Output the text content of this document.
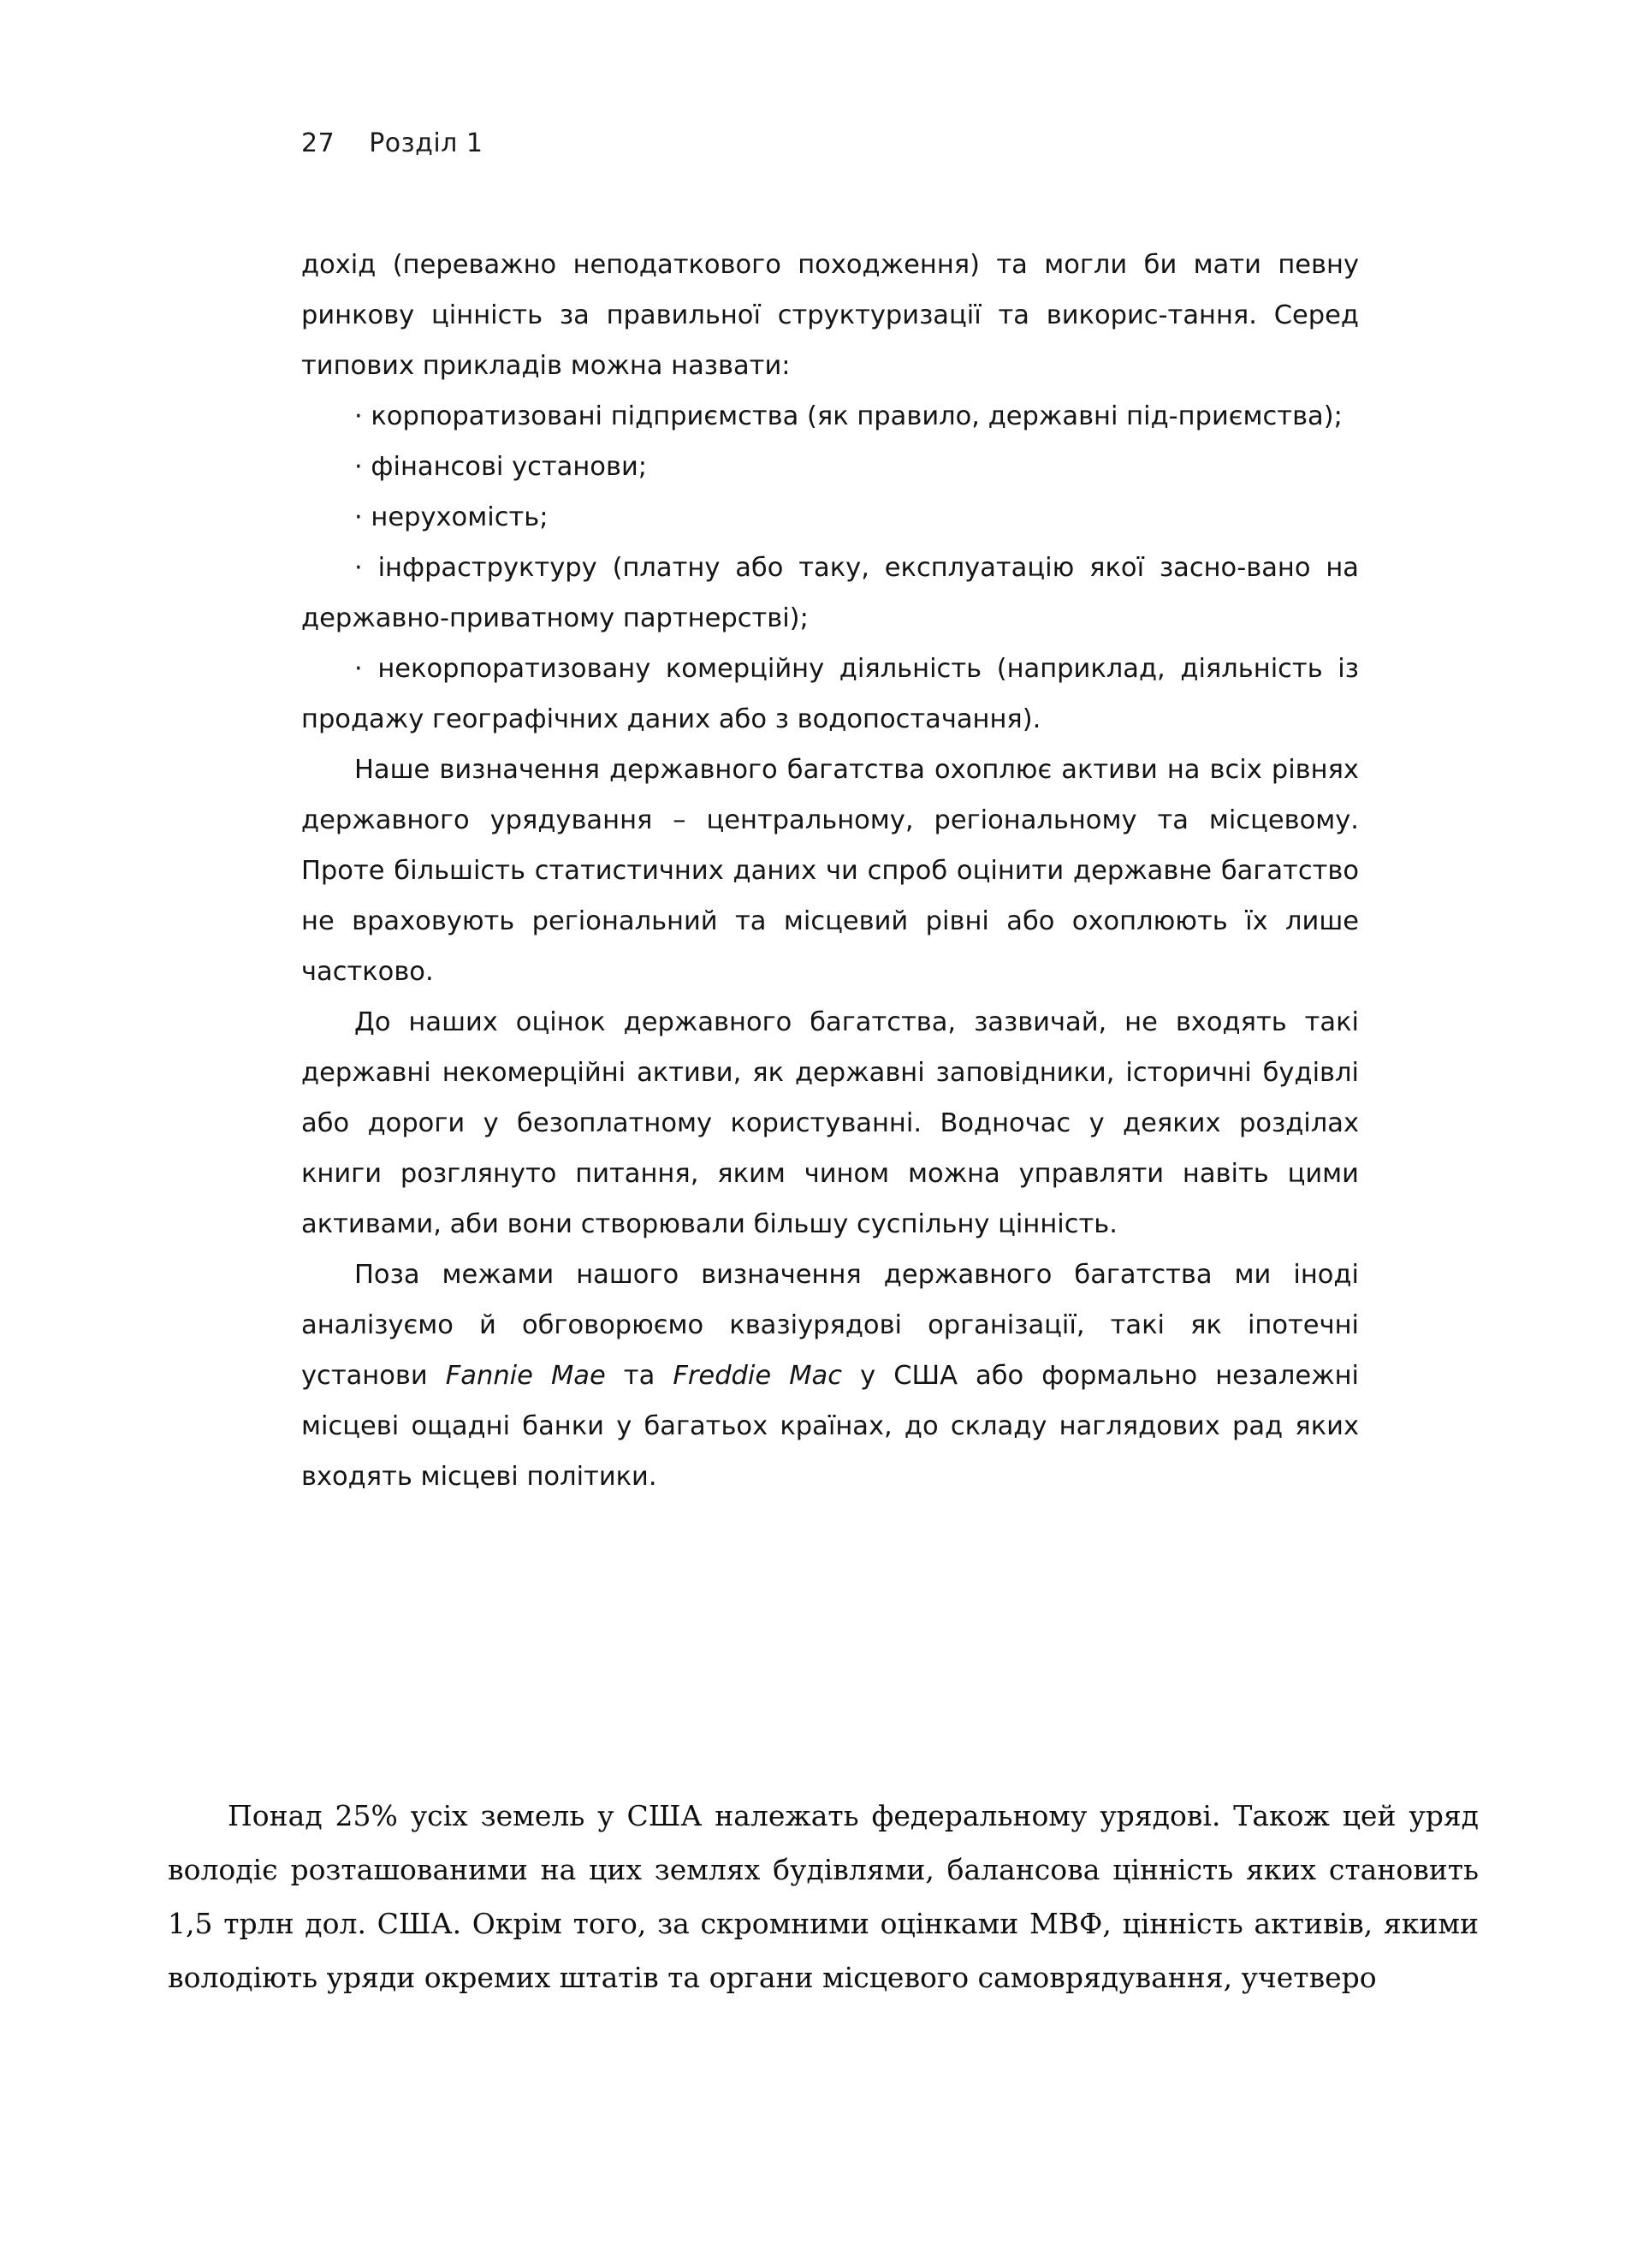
27 Розділ 1

дохід (переважно неподаткового походження) та могли би мати певну ринкову цінність за правильної структуризації та викорис-тання. Серед типових прикладів можна назвати:

· корпоратизовані підприємства (як правило, державні під-приємства);

· фінансові установи;

· нерухомість;

· інфраструктуру (платну або таку, експлуатацію якої засно-вано на державно-приватному партнерстві);

· некорпоратизовану комерційну діяльність (наприклад, діяльність із продажу географічних даних або з водопостачання).

Наше визначення державного багатства охоплює активи на всіх рівнях державного урядування – центральному, регіональному та місцевому. Проте більшість статистичних даних чи спроб оцінити державне багатство не враховують регіональний та місцевий рівні або охоплюють їх лише частково.

До наших оцінок державного багатства, зазвичай, не входять такі державні некомерційні активи, як державні заповідники, історичні будівлі або дороги у безоплатному користуванні. Водночас у деяких розділах книги розглянуто питання, яким чином можна управляти навіть цими активами, аби вони створювали більшу суспільну цінність.

Поза межами нашого визначення державного багатства ми іноді аналізуємо й обговорюємо квазіурядові організації, такі як іпотечні установи Fannie Mae та Freddie Mac у США або формально незалежні місцеві ощадні банки у багатьох країнах, до складу наглядових рад яких входять місцеві політики.

Понад 25% усіх земель у США належать федеральному урядові. Також цей уряд володіє розташованими на цих землях будівлями, балансова цінність яких становить 1,5 трлн дол. США. Окрім того, за скромними оцінками МВФ, цінність активів, якими володіють уряди окремих штатів та органи місцевого самоврядування, учетверо
